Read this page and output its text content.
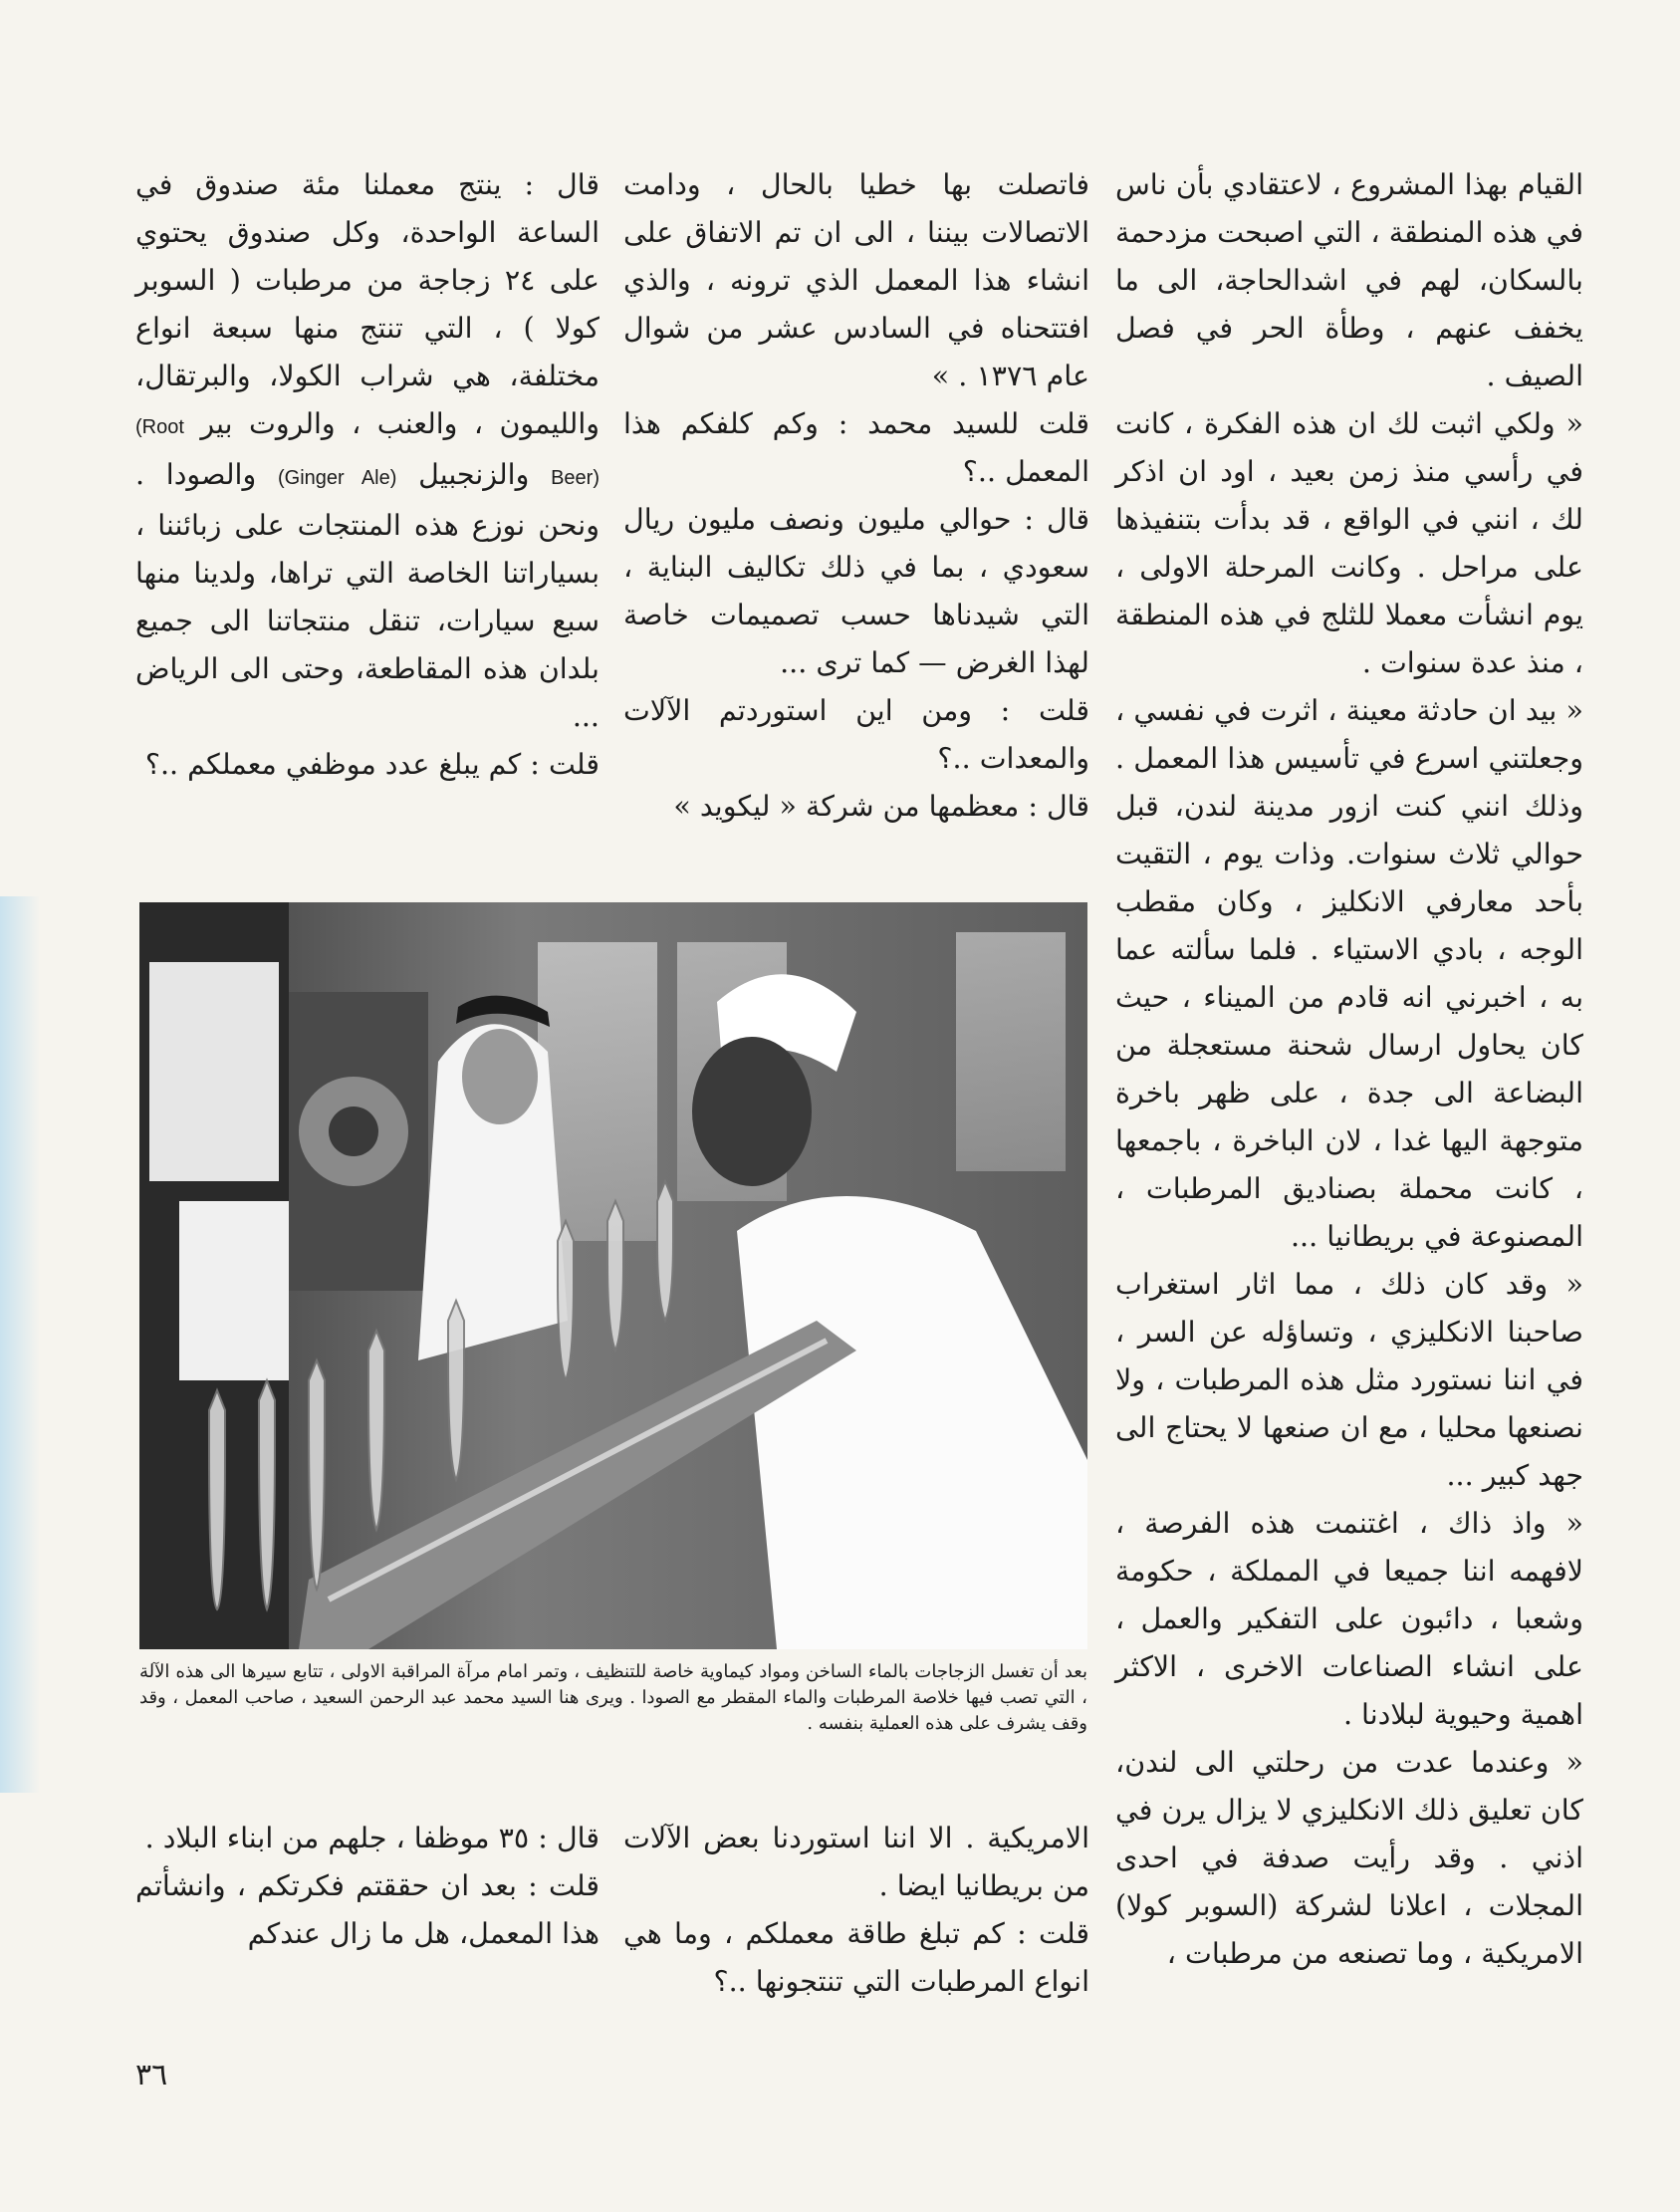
القيام بهذا المشروع ، لاعتقادي بأن ناس في هذه المنطقة ، التي اصبحت مزدحمة بالسكان، لهم في اشدالحاجة، الى ما يخفف عنهم ، وطأة الحر في فصل الصيف .
« ولكي اثبت لك ان هذه الفكرة ، كانت في رأسي منذ زمن بعيد ، اود ان اذكر لك ، انني في الواقع ، قد بدأت بتنفيذها على مراحل . وكانت المرحلة الاولى ، يوم انشأت معملا للثلج في هذه المنطقة ، منذ عدة سنوات .
« بيد ان حادثة معينة ، اثرت في نفسي ، وجعلتني اسرع في تأسيس هذا المعمل . وذلك انني كنت ازور مدينة لندن، قبل حوالي ثلاث سنوات. وذات يوم ، التقيت بأحد معارفي الانكليز ، وكان مقطب الوجه ، بادي الاستياء . فلما سألته عما به ، اخبرني انه قادم من الميناء ، حيث كان يحاول ارسال شحنة مستعجلة من البضاعة الى جدة ، على ظهر باخرة متوجهة اليها غدا ، لان الباخرة ، باجمعها ، كانت محملة بصناديق المرطبات ، المصنوعة في بريطانيا ...
« وقد كان ذلك ، مما اثار استغراب صاحبنا الانكليزي ، وتساؤله عن السر ، في اننا نستورد مثل هذه المرطبات ، ولا نصنعها محليا ، مع ان صنعها لا يحتاج الى جهد كبير ...
« واذ ذاك ، اغتنمت هذه الفرصة ، لافهمه اننا جميعا في المملكة ، حكومة وشعبا ، دائبون على التفكير والعمل ، على انشاء الصناعات الاخرى ، الاكثر اهمية وحيوية لبلادنا .
« وعندما عدت من رحلتي الى لندن، كان تعليق ذلك الانكليزي لا يزال يرن في اذني . وقد رأيت صدفة في احدى المجلات ، اعلانا لشركة (السوبر كولا) الامريكية ، وما تصنعه من مرطبات ،

فاتصلت بها خطيا بالحال ، ودامت الاتصالات بيننا ، الى ان تم الاتفاق على انشاء هذا المعمل الذي ترونه ، والذي افتتحناه في السادس عشر من شوال عام ١٣٧٦ . »
قلت للسيد محمد : وكم كلفكم هذا المعمل ..؟
قال : حوالي مليون ونصف مليون ريال سعودي ، بما في ذلك تكاليف البناية ، التي شيدناها حسب تصميمات خاصة لهذا الغرض — كما ترى ...
قلت : ومن اين استوردتم الآلات والمعدات ..؟
قال : معظمها من شركة « ليكويد »

قال : ينتج معملنا مئة صندوق في الساعة الواحدة، وكل صندوق يحتوي على ٢٤ زجاجة من مرطبات ( السوبر كولا ) ، التي تنتج منها سبعة انواع مختلفة، هي شراب الكولا، والبرتقال، والليمون ، والعنب ، والروت بير (Root Beer) والزنجبيل (Ginger Ale) والصودا . ونحن نوزع هذه المنتجات على زبائننا ، بسياراتنا الخاصة التي تراها، ولدينا منها سبع سيارات، تنقل منتجاتنا الى جميع بلدان هذه المقاطعة، وحتى الى الرياض ...
قلت : كم يبلغ عدد موظفي معملكم ..؟

بعد أن تغسل الزجاجات بالماء الساخن ومواد كيماوية خاصة للتنظيف ، وتمر امام مرآة المراقبة الاولى ، تتابع سيرها الى هذه الآلة ، التي تصب فيها خلاصة المرطبات والماء المقطر مع الصودا . ويرى هنا السيد محمد عبد الرحمن السعيد ، صاحب المعمل ، وقد وقف يشرف على هذه العملية بنفسه .

الامريكية . الا اننا استوردنا بعض الآلات من بريطانيا ايضا .
قلت : كم تبلغ طاقة معملكم ، وما هي انواع المرطبات التي تنتجونها ..؟

قال : ٣٥ موظفا ، جلهم من ابناء البلاد .
قلت : بعد ان حققتم فكرتكم ، وانشأتم هذا المعمل، هل ما زال عندكم

٣٦
